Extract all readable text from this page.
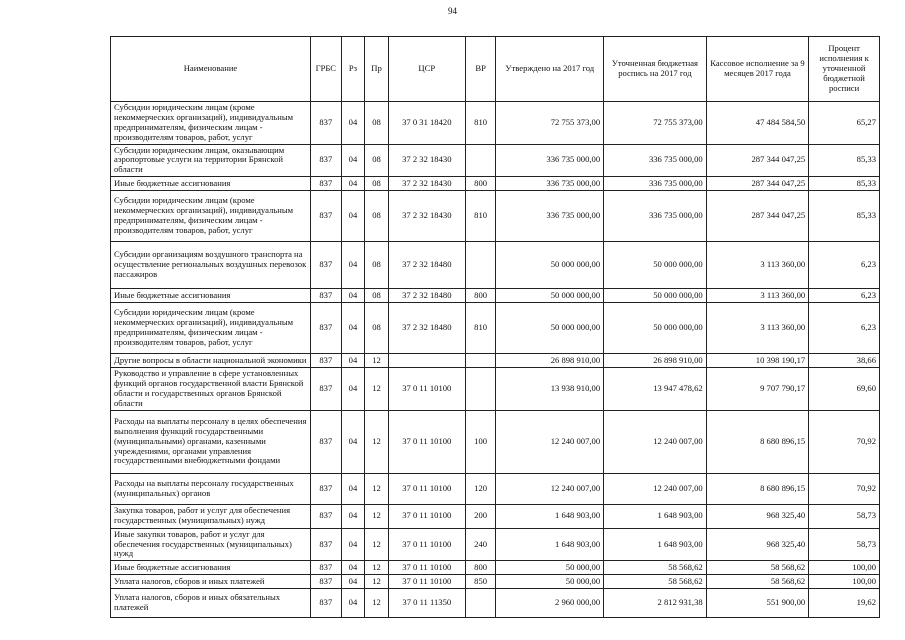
94
Наименование	ГРБС	Рз	Пр	ЦСР	ВР	Утверждено на 2017 год	Уточненная бюджетная роспись на 2017 год	Кассовое исполнение за 9 месяцев 2017 года	Процент исполнения к уточненной бюджетной росписи
Субсидии юридическим лицам (кроме некоммерческих организаций), индивидуальным предпринимателям, физическим лицам - производителям товаров, работ, услуг	837	04	08	37 0 31 18420	810	72 755 373,00	72 755 373,00	47 484 584,50	65,27
Субсидии юридическим лицам, оказывающим аэропортовые услуги на территории Брянской области	837	04	08	37 2 32 18430		336 735 000,00	336 735 000,00	287 344 047,25	85,33
Иные бюджетные ассигнования	837	04	08	37 2 32 18430	800	336 735 000,00	336 735 000,00	287 344 047,25	85,33
Субсидии юридическим лицам (кроме некоммерческих организаций), индивидуальным предпринимателям, физическим лицам - производителям товаров, работ, услуг	837	04	08	37 2 32 18430	810	336 735 000,00	336 735 000,00	287 344 047,25	85,33
Субсидии организациям воздушного транспорта на осуществление региональных воздушных перевозок пассажиров	837	04	08	37 2 32 18480		50 000 000,00	50 000 000,00	3 113 360,00	6,23
Иные бюджетные ассигнования	837	04	08	37 2 32 18480	800	50 000 000,00	50 000 000,00	3 113 360,00	6,23
Субсидии юридическим лицам (кроме некоммерческих организаций), индивидуальным предпринимателям, физическим лицам - производителям товаров, работ, услуг	837	04	08	37 2 32 18480	810	50 000 000,00	50 000 000,00	3 113 360,00	6,23
Другие вопросы в области национальной экономики	837	04	12			26 898 910,00	26 898 910,00	10 398 190,17	38,66
Руководство и управление в сфере установленных функций органов государственной власти Брянской области и государственных органов Брянской области	837	04	12	37 0 11 10100		13 938 910,00	13 947 478,62	9 707 790,17	69,60
Расходы на выплаты персоналу в целях обеспечения выполнения функций государственными (муниципальными) органами, казенными учреждениями, органами управления государственными внебюджетными фондами	837	04	12	37 0 11 10100	100	12 240 007,00	12 240 007,00	8 680 896,15	70,92
Расходы на выплаты персоналу государственных (муниципальных) органов	837	04	12	37 0 11 10100	120	12 240 007,00	12 240 007,00	8 680 896,15	70,92
Закупка товаров, работ и услуг для обеспечения государственных (муниципальных) нужд	837	04	12	37 0 11 10100	200	1 648 903,00	1 648 903,00	968 325,40	58,73
Иные закупки товаров, работ и услуг для обеспечения государственных (муниципальных) нужд	837	04	12	37 0 11 10100	240	1 648 903,00	1 648 903,00	968 325,40	58,73
Иные бюджетные ассигнования	837	04	12	37 0 11 10100	800	50 000,00	58 568,62	58 568,62	100,00
Уплата налогов, сборов и иных платежей	837	04	12	37 0 11 10100	850	50 000,00	58 568,62	58 568,62	100,00
Уплата налогов, сборов и иных обязательных платежей	837	04	12	37 0 11 11350		2 960 000,00	2 812 931,38	551 900,00	19,62
